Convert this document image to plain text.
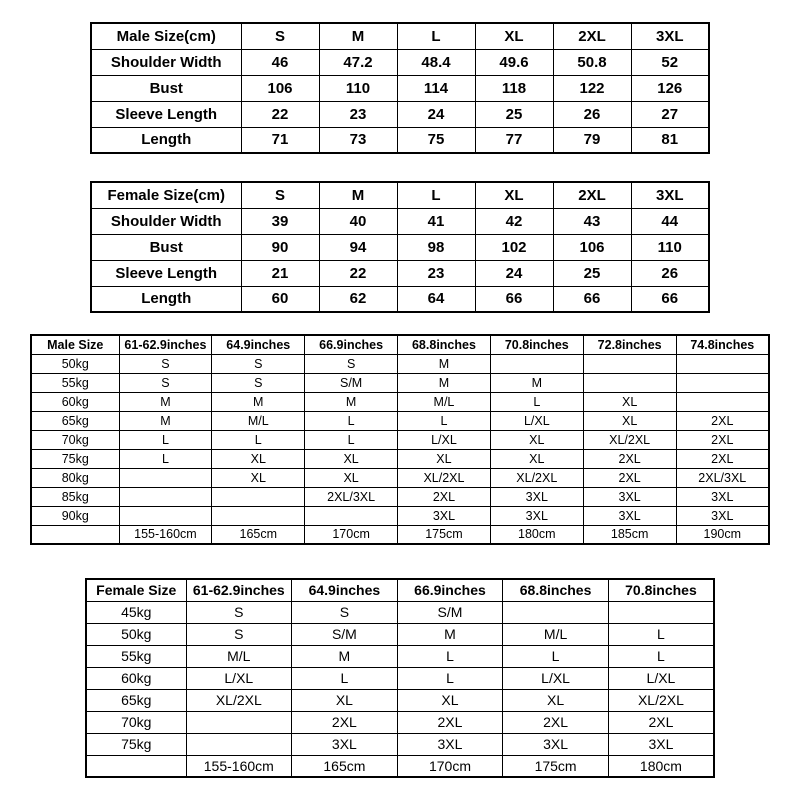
Male Size(cm)	S	M	L	XL	2XL	3XL
Shoulder Width	46	47.2	48.4	49.6	50.8	52
Bust	106	110	114	118	122	126
Sleeve Length	22	23	24	25	26	27
Length	71	73	75	77	79	81
Female Size(cm)	S	M	L	XL	2XL	3XL
Shoulder Width	39	40	41	42	43	44
Bust	90	94	98	102	106	110
Sleeve Length	21	22	23	24	25	26
Length	60	62	64	66	66	66
Male Size	61-62.9inches	64.9inches	66.9inches	68.8inches	70.8inches	72.8inches	74.8inches
50kg	S	S	S	M			
55kg	S	S	S/M	M	M		
60kg	M	M	M	M/L	L	XL	
65kg	M	M/L	L	L	L/XL	XL	2XL
70kg	L	L	L	L/XL	XL	XL/2XL	2XL
75kg	L	XL	XL	XL	XL	2XL	2XL
80kg		XL	XL	XL/2XL	XL/2XL	2XL	2XL/3XL
85kg			2XL/3XL	2XL	3XL	3XL	3XL
90kg				3XL	3XL	3XL	3XL
	155-160cm	165cm	170cm	175cm	180cm	185cm	190cm
Female Size	61-62.9inches	64.9inches	66.9inches	68.8inches	70.8inches
45kg	S	S	S/M		
50kg	S	S/M	M	M/L	L
55kg	M/L	M	L	L	L
60kg	L/XL	L	L	L/XL	L/XL
65kg	XL/2XL	XL	XL	XL	XL/2XL
70kg		2XL	2XL	2XL	2XL
75kg		3XL	3XL	3XL	3XL
	155-160cm	165cm	170cm	175cm	180cm
